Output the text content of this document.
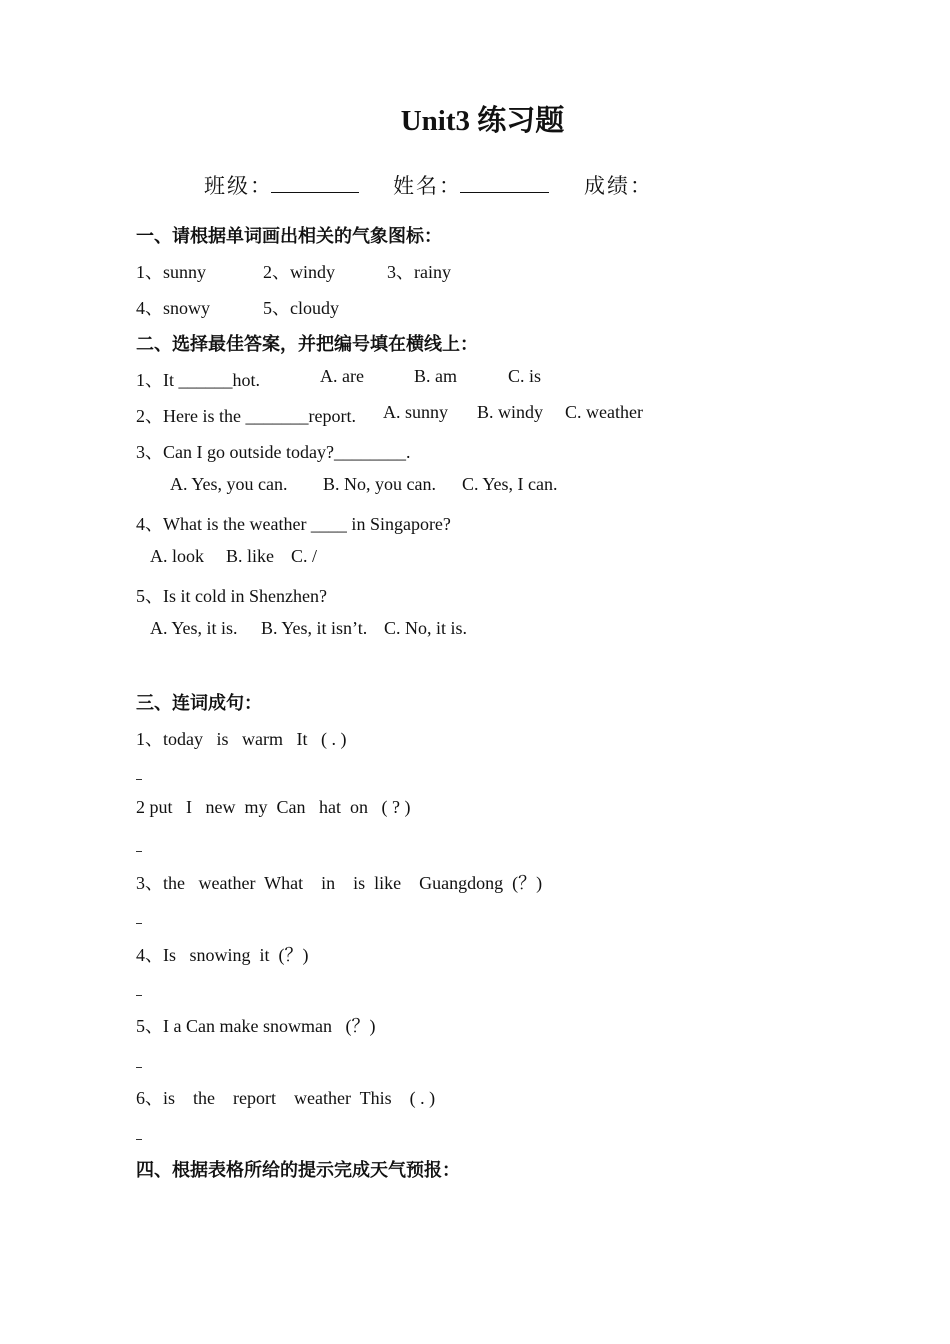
Unit3 练习题
班级：	姓名：	成绩：
一、请根据单词画出相关的气象图标：
1、sunny	2、windy	3、rainy
4、snowy	5、cloudy
二、选择最佳答案，并把编号填在横线上：
1、It ______hot.	A. are	B. am	C. is
2、Here is the _______report. A. sunny B. windy C. weather
3、Can I go outside today?________.
A. Yes, you can. B. No, you can. C. Yes, I can.
4、What is the weather ____ in Singapore?
A. look B. like C. /
5、Is it cold in Shenzhen?
A. Yes, it is. B. Yes, it isn’t. C. No, it is.
三、连词成句：
1、today   is   warm   It   ( . )
2 put   I   new  my  Can   hat  on   ( ? )
3、the   weather  What    in    is  like    Guangdong  (？)
4、Is   snowing  it  (？)
5、I a Can make snowman   (？)
6、is    the    report    weather  This    ( . )
四、根据表格所给的提示完成天气预报：
